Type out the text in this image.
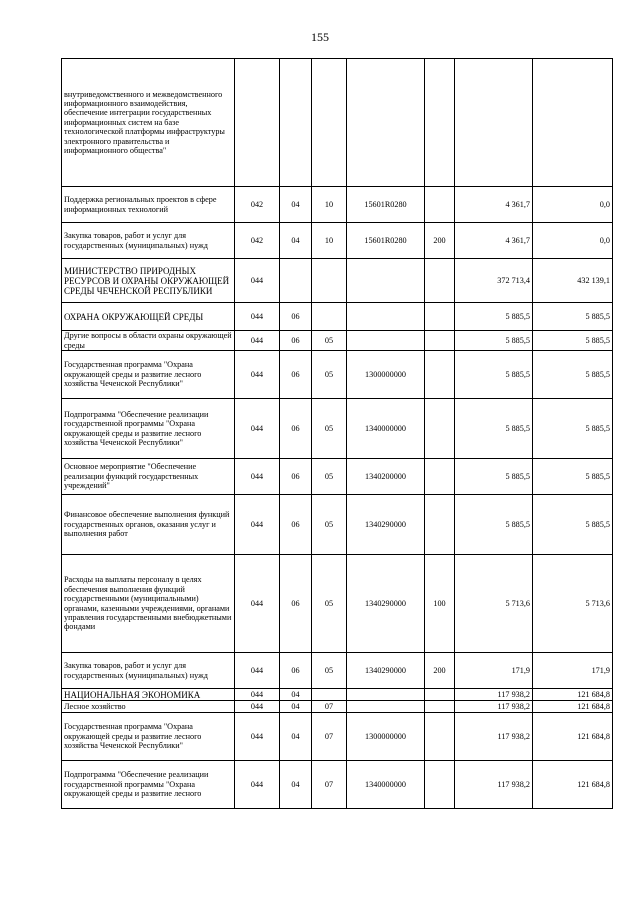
155
внутриведомственного и межведомственного информационного взаимодействия, обеспечение интеграции государственных информационных систем на базе технологической платформы инфраструктуры электронного правительства и информационного общества"							
Поддержка региональных проектов в сфере информационных технологий	042	04	10	15601R0280		4 361,7	0,0
Закупка товаров, работ и услуг для государственных (муниципальных) нужд	042	04	10	15601R0280	200	4 361,7	0,0
МИНИСТЕРСТВО ПРИРОДНЫХ РЕСУРСОВ И ОХРАНЫ ОКРУЖАЮЩЕЙ СРЕДЫ ЧЕЧЕНСКОЙ РЕСПУБЛИКИ	044					372 713,4	432 139,1
ОХРАНА ОКРУЖАЮЩЕЙ СРЕДЫ	044	06				5 885,5	5 885,5
Другие вопросы в области охраны окружающей среды	044	06	05			5 885,5	5 885,5
Государственная программа "Охрана окружающей среды и развитие лесного хозяйства Чеченской Республики"	044	06	05	1300000000		5 885,5	5 885,5
Подпрограмма "Обеспечение реализации государственной программы "Охрана окружающей среды и развитие лесного хозяйства Чеченской Республики"	044	06	05	1340000000		5 885,5	5 885,5
Основное мероприятие "Обеспечение реализации функций государственных учреждений"	044	06	05	1340200000		5 885,5	5 885,5
Финансовое обеспечение выполнения функций государственных органов, оказания услуг и выполнения работ	044	06	05	1340290000		5 885,5	5 885,5
Расходы на выплаты персоналу в целях обеспечения выполнения функций государственными (муниципальными) органами, казенными учреждениями, органами управления государственными внебюджетными фондами	044	06	05	1340290000	100	5 713,6	5 713,6
Закупка товаров, работ и услуг для государственных (муниципальных) нужд	044	06	05	1340290000	200	171,9	171,9
НАЦИОНАЛЬНАЯ ЭКОНОМИКА	044	04				117 938,2	121 684,8
Лесное хозяйство	044	04	07			117 938,2	121 684,8
Государственная программа "Охрана окружающей среды и развитие лесного хозяйства Чеченской Республики"	044	04	07	1300000000		117 938,2	121 684,8
Подпрограмма "Обеспечение реализации государственной программы "Охрана окружающей среды и развитие лесного	044	04	07	1340000000		117 938,2	121 684,8
